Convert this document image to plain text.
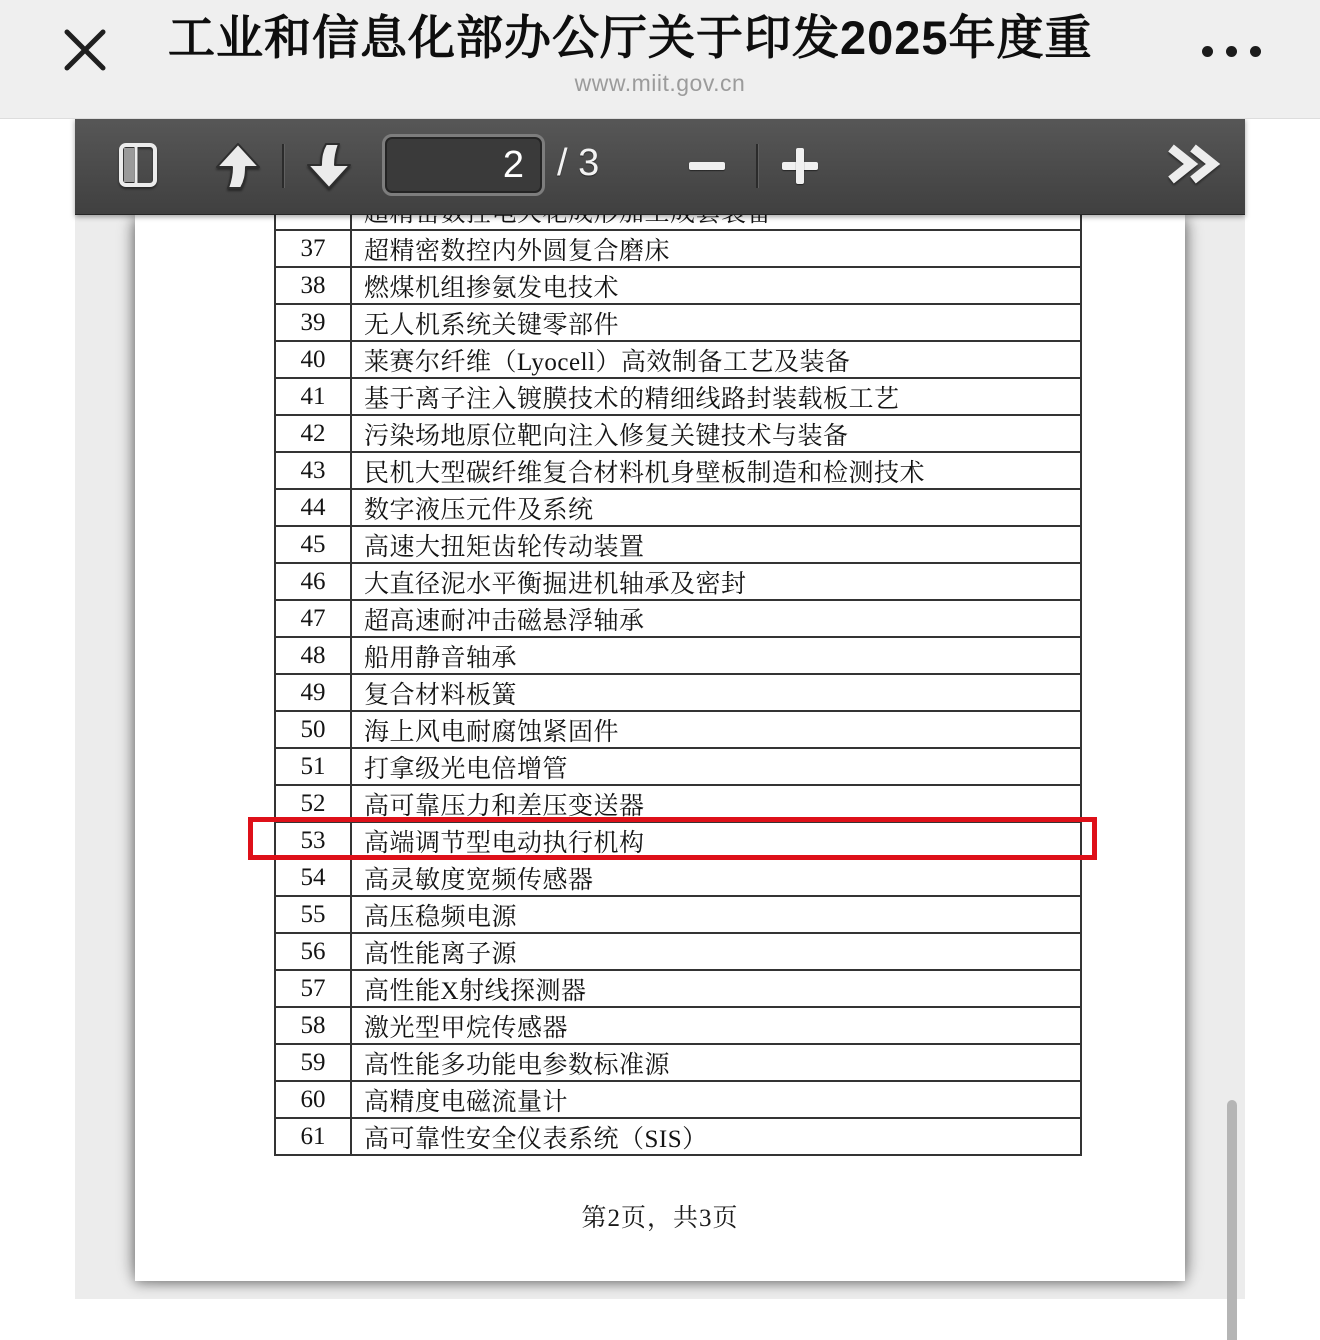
工业和信息化部办公厅关于印发2025年度重
www.miit.gov.cn
2
/ 3
37	超精密数控内外圆复合磨床
38	燃煤机组掺氨发电技术
39	无人机系统关键零部件
40	莱赛尔纤维（Lyocell）高效制备工艺及装备
41	基于离子注入镀膜技术的精细线路封装载板工艺
42	污染场地原位靶向注入修复关键技术与装备
43	民机大型碳纤维复合材料机身壁板制造和检测技术
44	数字液压元件及系统
45	高速大扭矩齿轮传动装置
46	大直径泥水平衡掘进机轴承及密封
47	超高速耐冲击磁悬浮轴承
48	船用静音轴承
49	复合材料板簧
50	海上风电耐腐蚀紧固件
51	打拿级光电倍增管
52	高可靠压力和差压变送器
53	高端调节型电动执行机构
54	高灵敏度宽频传感器
55	高压稳频电源
56	高性能离子源
57	高性能X射线探测器
58	激光型甲烷传感器
59	高性能多功能电参数标准源
60	高精度电磁流量计
61	高可靠性安全仪表系统（SIS）
第2页，共3页
